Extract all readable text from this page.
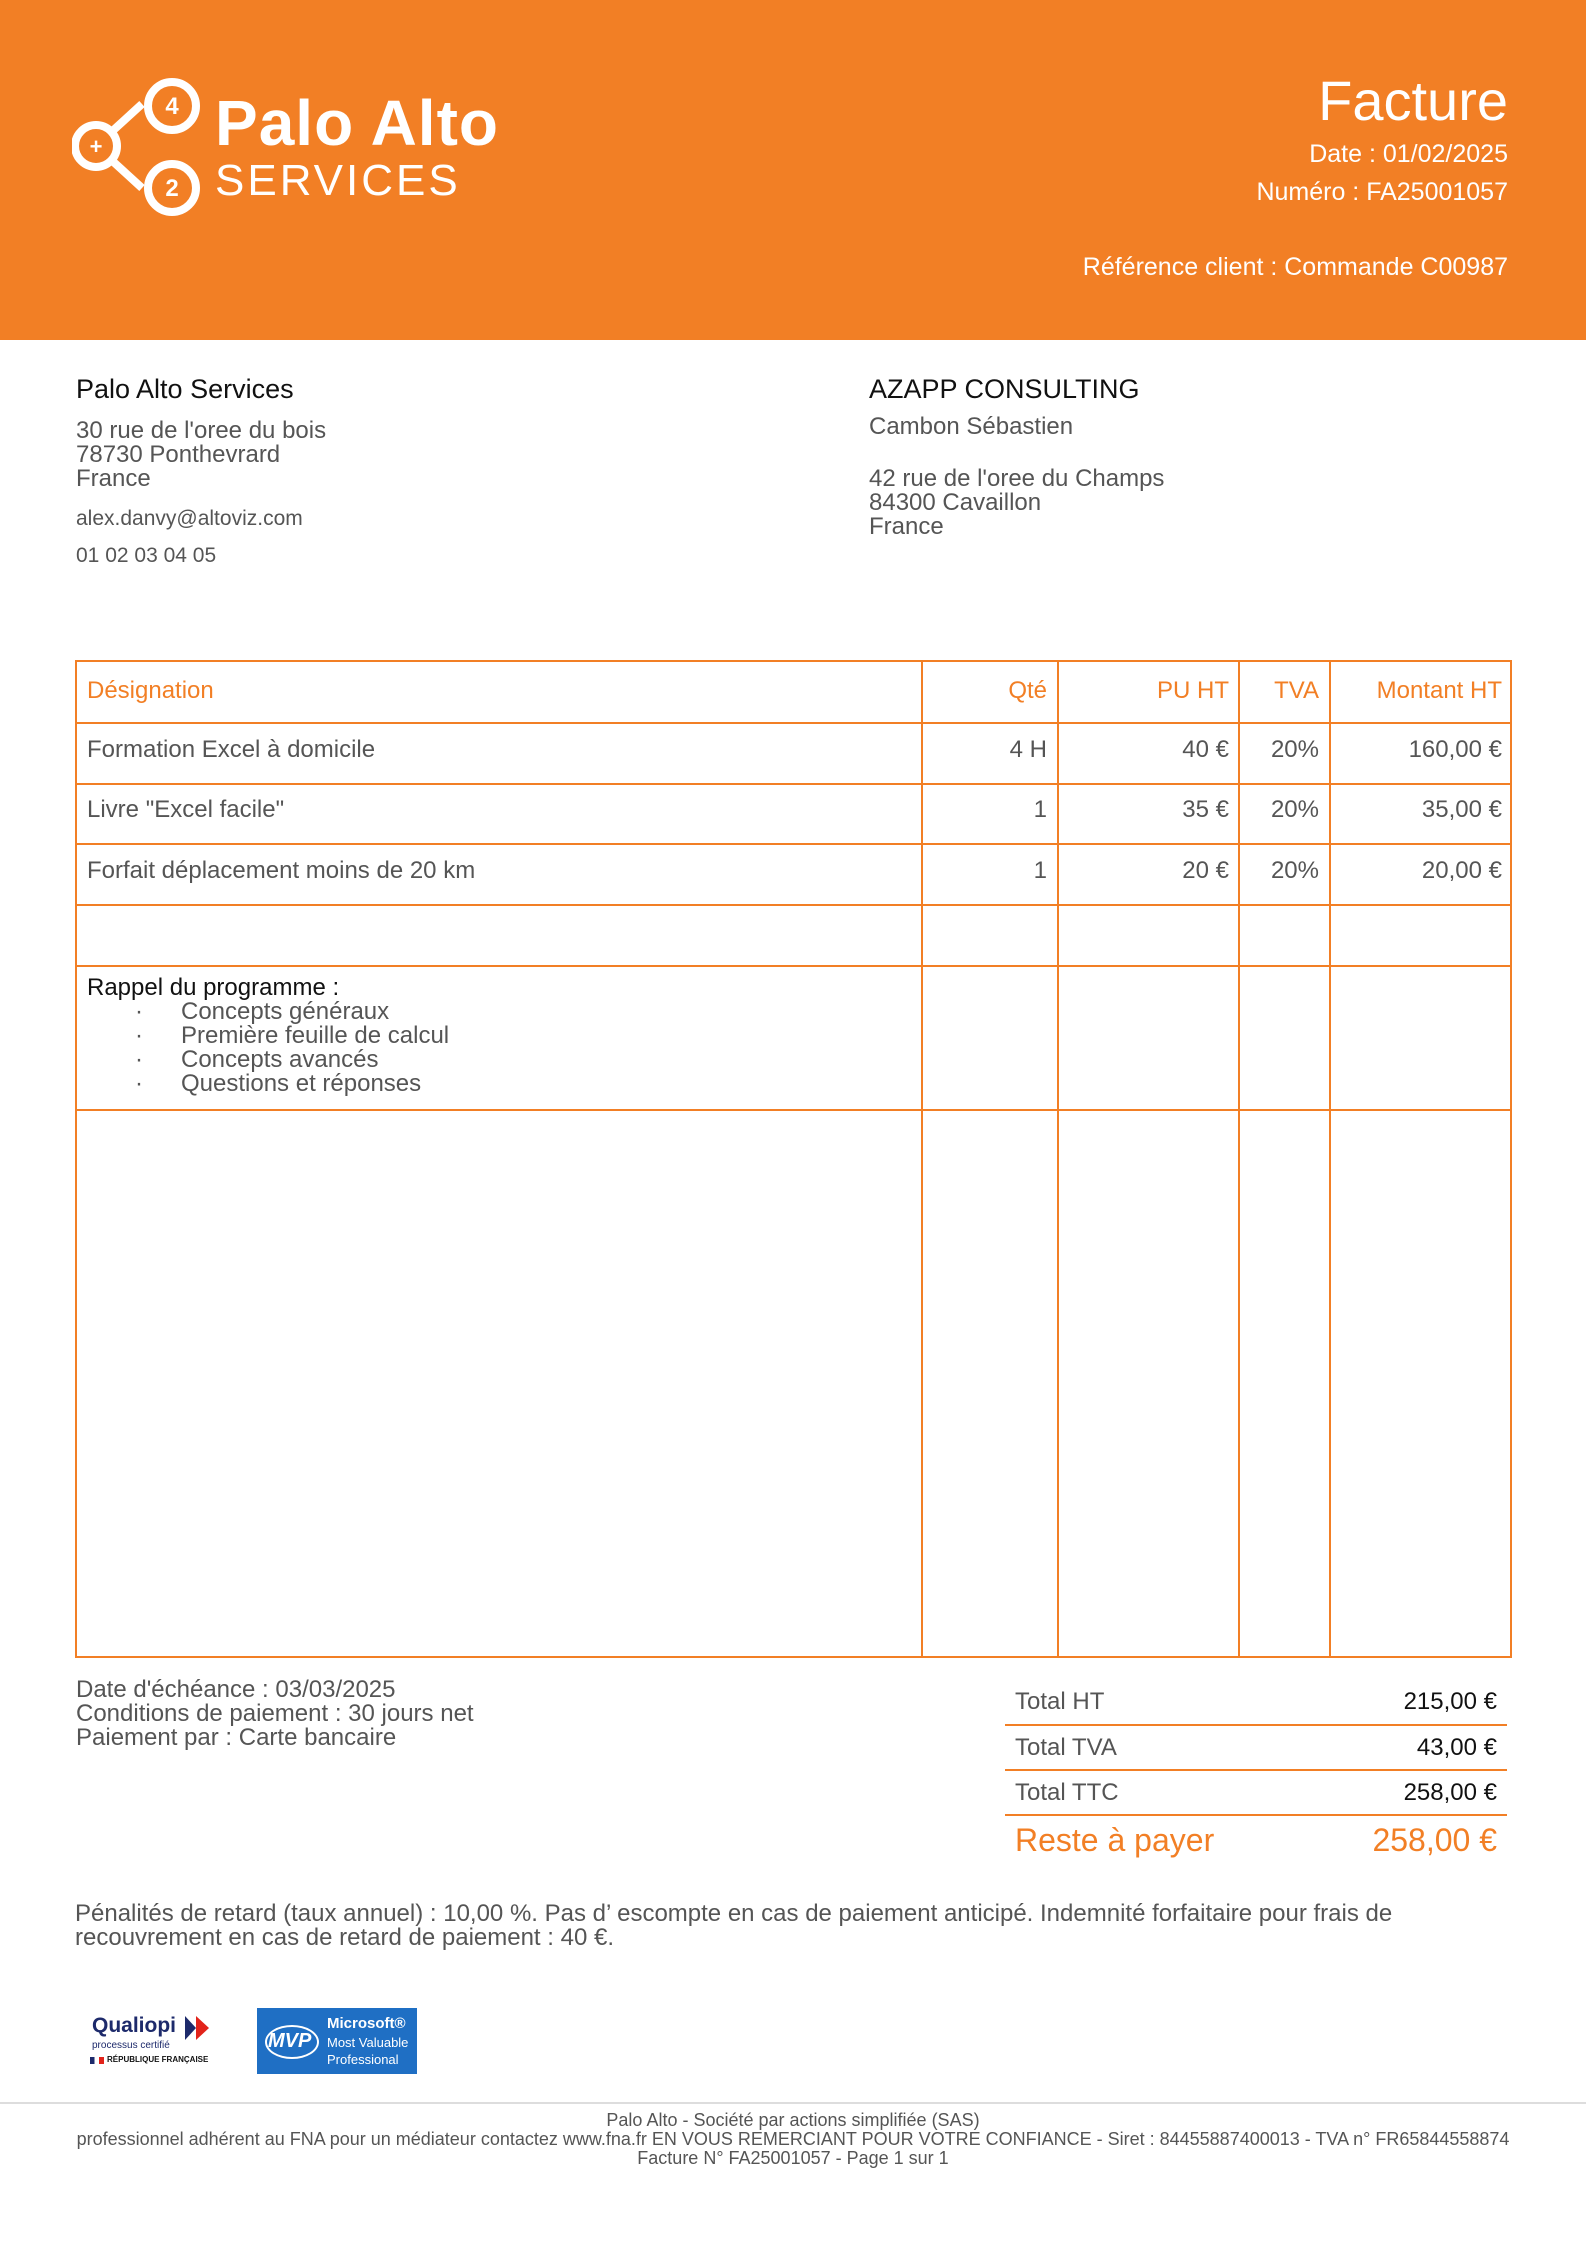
+
4
2
Palo Alto
SERVICES
Facture
Date : 01/02/2025
Numéro : FA25001057
Référence client : Commande C00987
Palo Alto Services
30 rue de l'oree du bois
78730 Ponthevrard
France
alex.danvy@altoviz.com
01 02 03 04 05
AZAPP CONSULTING
Cambon Sébastien
42 rue de l'oree du Champs
84300 Cavaillon
France
Désignation	Qté	PU HT	TVA	Montant HT
Formation Excel à domicile	4 H	40 €	20%	160,00 €
Livre "Excel facile"	1	35 €	20%	35,00 €
Forfait déplacement moins de 20 km	1	20 €	20%	20,00 €
Rappel du programme :
· Concepts généraux
· Première feuille de calcul
· Concepts avancés
· Questions et réponses
Date d'échéance : 03/03/2025
Conditions de paiement : 30 jours net
Paiement par : Carte bancaire
Total HT	215,00 €
Total TVA	43,00 €
Total TTC	258,00 €
Reste à payer	258,00 €
Pénalités de retard (taux annuel) : 10,00 %. Pas d’ escompte en cas de paiement anticipé. Indemnité forfaitaire pour frais de recouvrement en cas de retard de paiement : 40 €.
Qualiopi
processus certifié
RÉPUBLIQUE FRANÇAISE
MVP
Microsoft®
Most Valuable
Professional
Palo Alto - Société par actions simplifiée (SAS)
professionnel adhérent au FNA pour un médiateur contactez www.fna.fr EN VOUS REMERCIANT POUR VOTRE CONFIANCE - Siret : 84455887400013 - TVA n° FR65844558874
Facture N° FA25001057 - Page 1 sur 1
